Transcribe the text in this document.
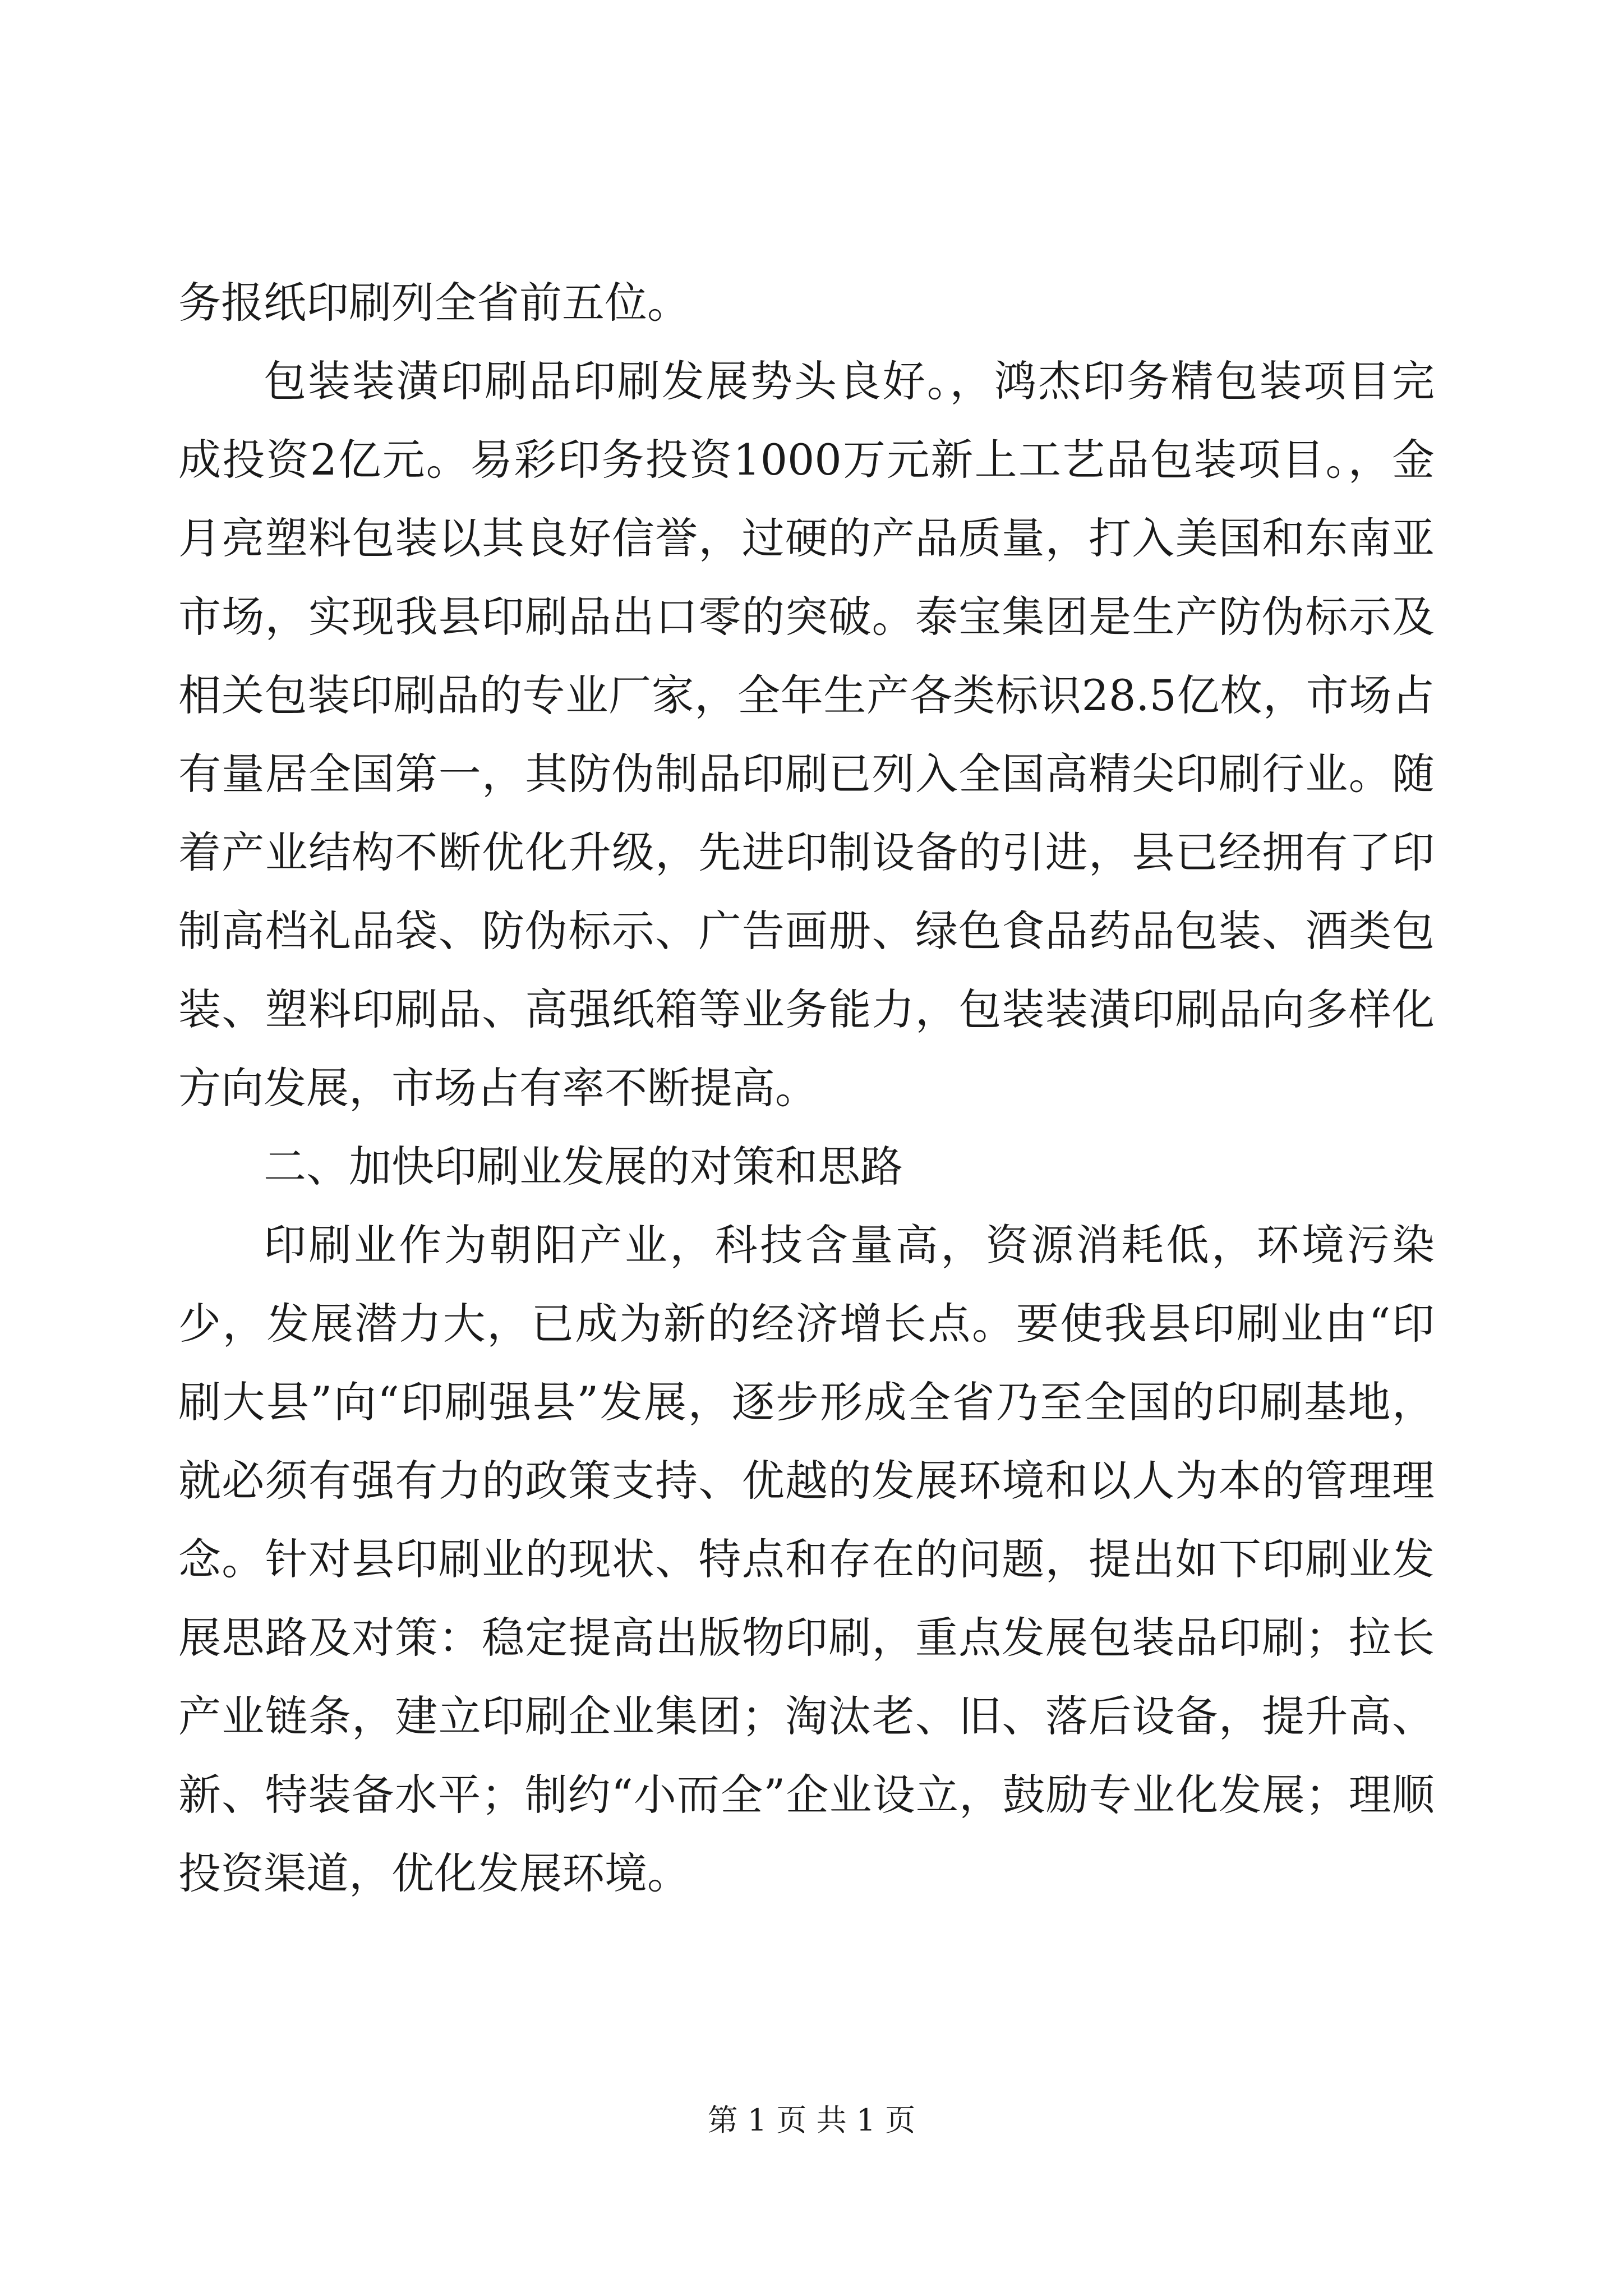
务报纸印刷列全省前五位。

包装装潢印刷品印刷发展势头良好。，鸿杰印务精包装项目完成投资2亿元。易彩印务投资1000万元新上工艺品包装项目。，金月亮塑料包装以其良好信誉，过硬的产品质量，打入美国和东南亚市场，实现我县印刷品出口零的突破。泰宝集团是生产防伪标示及相关包装印刷品的专业厂家，全年生产各类标识28.5亿枚，市场占有量居全国第一，其防伪制品印刷已列入全国高精尖印刷行业。随着产业结构不断优化升级，先进印制设备的引进，县已经拥有了印制高档礼品袋、防伪标示、广告画册、绿色食品药品包装、酒类包装、塑料印刷品、高强纸箱等业务能力，包装装潢印刷品向多样化方向发展，市场占有率不断提高。

二、加快印刷业发展的对策和思路

印刷业作为朝阳产业，科技含量高，资源消耗低，环境污染少，发展潜力大，已成为新的经济增长点。要使我县印刷业由“印刷大县”向“印刷强县”发展，逐步形成全省乃至全国的印刷基地，就必须有强有力的政策支持、优越的发展环境和以人为本的管理理念。针对县印刷业的现状、特点和存在的问题，提出如下印刷业发展思路及对策：稳定提高出版物印刷，重点发展包装品印刷；拉长产业链条，建立印刷企业集团；淘汰老、旧、落后设备，提升高、新、特装备水平；制约“小而全”企业设立，鼓励专业化发展；理顺投资渠道，优化发展环境。

第 1 页 共 1 页
